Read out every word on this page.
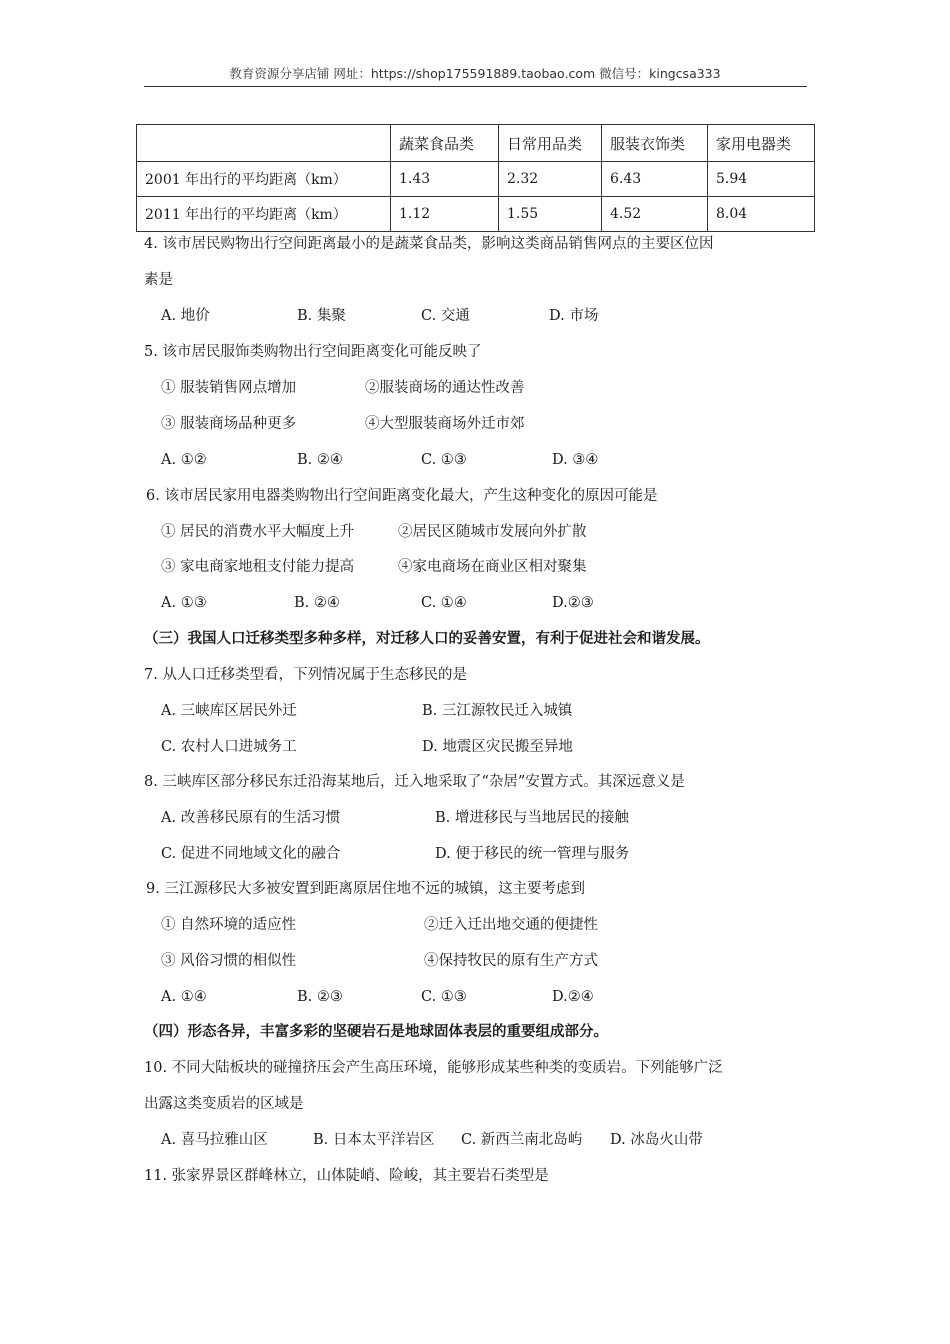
教育资源分享店铺 网址：https://shop175591889.taobao.com 微信号：kingcsa333
	蔬菜食品类	日常用品类	服装衣饰类	家用电器类
2001 年出行的平均距离（km）	1.43	2.32	6.43	5.94
2011 年出行的平均距离（km）	1.12	1.55	4.52	8.04
4. 该市居民购物出行空间距离最小的是蔬菜食品类，影响这类商品销售网点的主要区位因
素是
A. 地价	B. 集聚	C. 交通	D. 市场
5. 该市居民服饰类购物出行空间距离变化可能反映了
① 服装销售网点增加	②服装商场的通达性改善
③ 服装商场品种更多	④大型服装商场外迁市郊
A. ①②	B. ②④	C. ①③	D. ③④
6. 该市居民家用电器类购物出行空间距离变化最大，产生这种变化的原因可能是
① 居民的消费水平大幅度上升	②居民区随城市发展向外扩散
③ 家电商家地租支付能力提高	④家电商场在商业区相对聚集
A. ①③	B. ②④	C. ①④	D.②③
（三）我国人口迁移类型多种多样，对迁移人口的妥善安置，有利于促进社会和谐发展。
7. 从人口迁移类型看，下列情况属于生态移民的是
A. 三峡库区居民外迁	B. 三江源牧民迁入城镇
C. 农村人口进城务工	D. 地震区灾民搬至异地
8. 三峡库区部分移民东迁沿海某地后，迁入地采取了“杂居”安置方式。其深远意义是
A. 改善移民原有的生活习惯	B. 增进移民与当地居民的接触
C. 促进不同地域文化的融合	D. 便于移民的统一管理与服务
9. 三江源移民大多被安置到距离原居住地不远的城镇，这主要考虑到
① 自然环境的适应性	②迁入迁出地交通的便捷性
③ 风俗习惯的相似性	④保持牧民的原有生产方式
A. ①④	B. ②③	C. ①③	D.②④
（四）形态各异，丰富多彩的坚硬岩石是地球固体表层的重要组成部分。
10. 不同大陆板块的碰撞挤压会产生高压环境，能够形成某些种类的变质岩。下列能够广泛
出露这类变质岩的区域是
A. 喜马拉雅山区	B. 日本太平洋岩区 C. 新西兰南北岛屿 D. 冰岛火山带
11. 张家界景区群峰林立，山体陡峭、险峻，其主要岩石类型是
